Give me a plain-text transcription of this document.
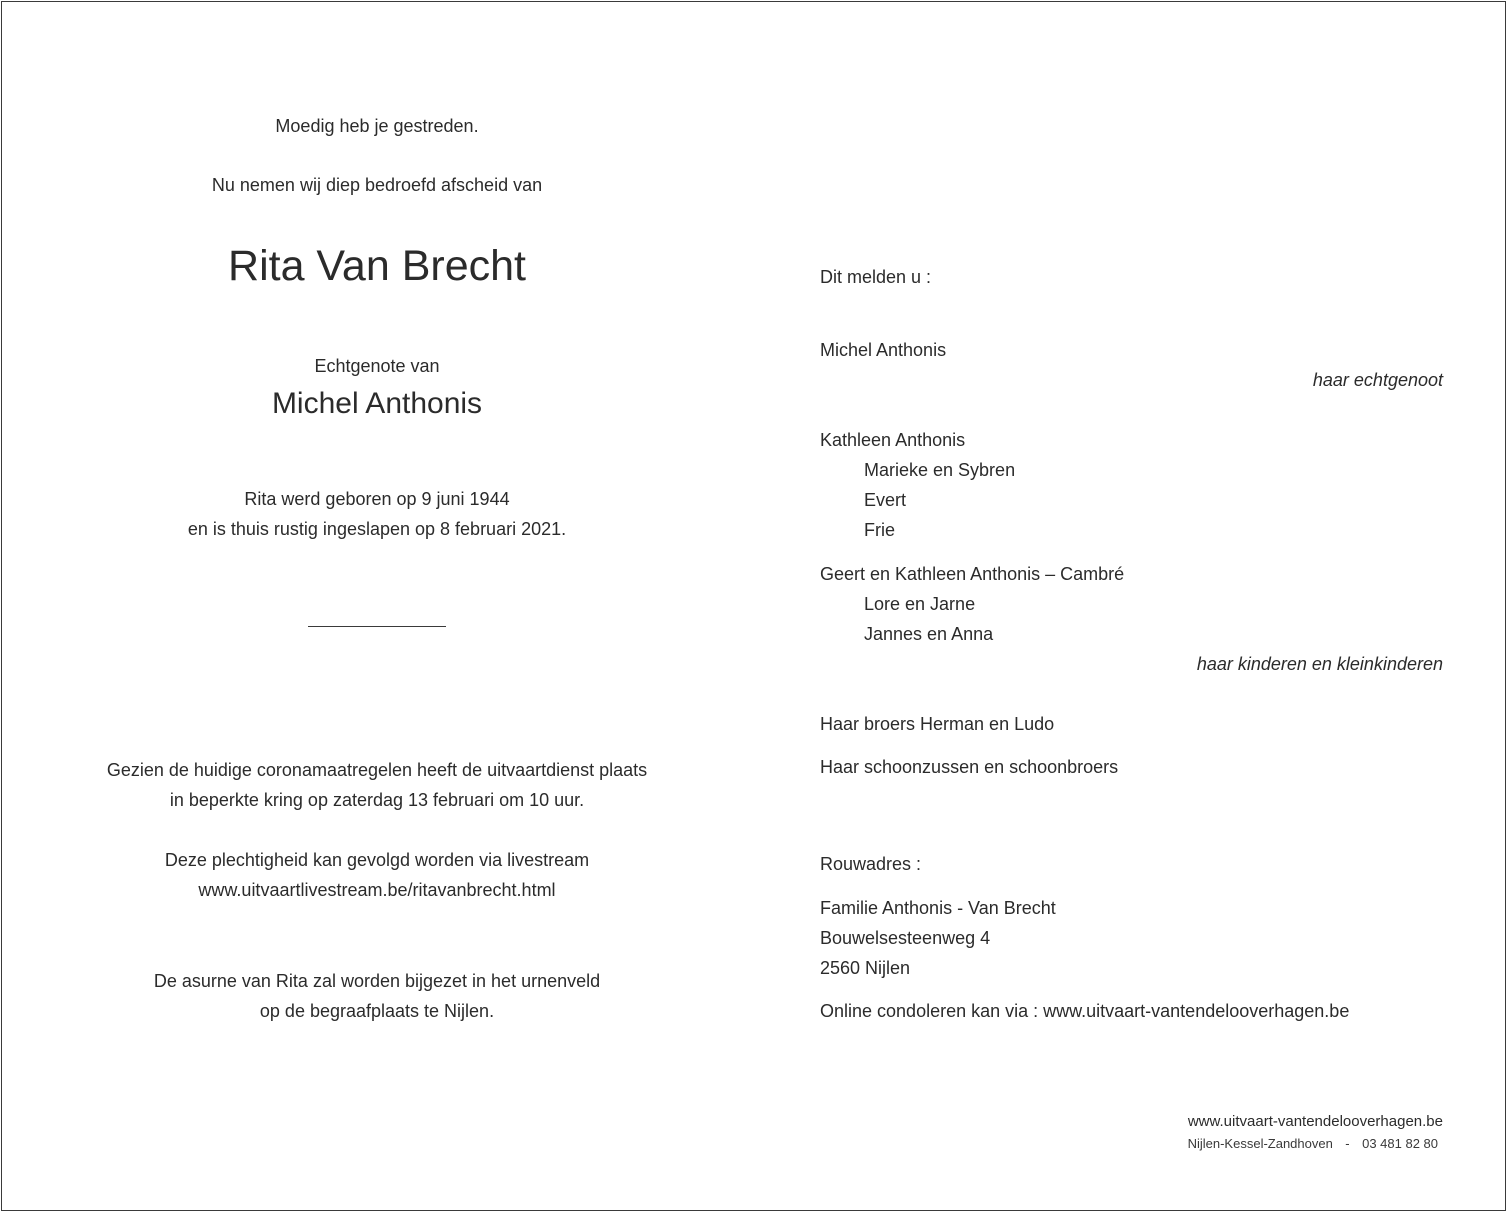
Moedig heb je gestreden.
Nu nemen wij diep bedroefd afscheid van
Rita Van Brecht
Echtgenote van
Michel Anthonis
Rita werd geboren op 9 juni 1944
en is thuis rustig ingeslapen op 8 februari 2021.
Gezien de huidige coronamaatregelen heeft de uitvaartdienst plaats
in beperkte kring op zaterdag 13 februari om 10 uur.
Deze plechtigheid kan gevolgd worden via livestream
www.uitvaartlivestream.be/ritavanbrecht.html
De asurne van Rita zal worden bijgezet in het urnenveld
op de begraafplaats te Nijlen.
Dit melden u :
Michel Anthonis
haar echtgenoot
Kathleen Anthonis
Marieke en Sybren
Evert
Frie
Geert en Kathleen Anthonis – Cambré
Lore en Jarne
Jannes en Anna
haar kinderen en kleinkinderen
Haar broers Herman en Ludo
Haar schoonzussen en schoonbroers
Rouwadres :
Familie Anthonis - Van Brecht
Bouwelsesteenweg 4
2560 Nijlen
Online condoleren kan via : www.uitvaart-vantendelooverhagen.be
www.uitvaart-vantendelooverhagen.be
Nijlen-Kessel-Zandhoven - 03 481 82 80
